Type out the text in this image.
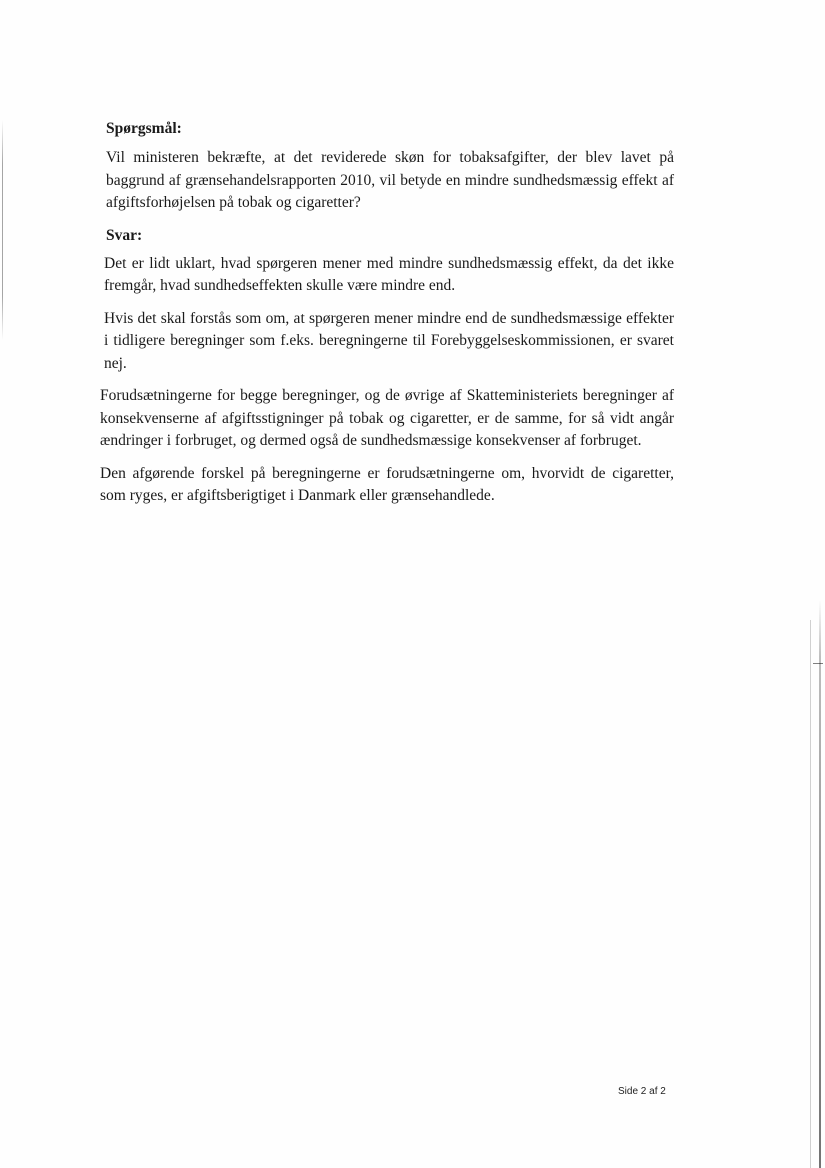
Spørgsmål:

Vil ministeren bekræfte, at det reviderede skøn for tobaksafgifter, der blev lavet på baggrund af grænsehandelsrapporten 2010, vil betyde en mindre sundhedsmæssig effekt af afgiftsforhøjelsen på tobak og cigaretter?

Svar:

Det er lidt uklart, hvad spørgeren mener med mindre sundhedsmæssig effekt, da det ikke fremgår, hvad sundhedseffekten skulle være mindre end.

Hvis det skal forstås som om, at spørgeren mener mindre end de sundhedsmæssige effekter i tidligere beregninger som f.eks. beregningerne til Forebyggelseskommissionen, er svaret nej.

Forudsætningerne for begge beregninger, og de øvrige af Skatteministeriets beregninger af konsekvenserne af afgiftsstigninger på tobak og cigaretter, er de samme, for så vidt angår ændringer i forbruget, og dermed også de sundhedsmæssige konsekvenser af forbruget.

Den afgørende forskel på beregningerne er forudsætningerne om, hvorvidt de cigaretter, som ryges, er afgiftsberigtiget i Danmark eller grænsehandlede.

Side 2 af 2
